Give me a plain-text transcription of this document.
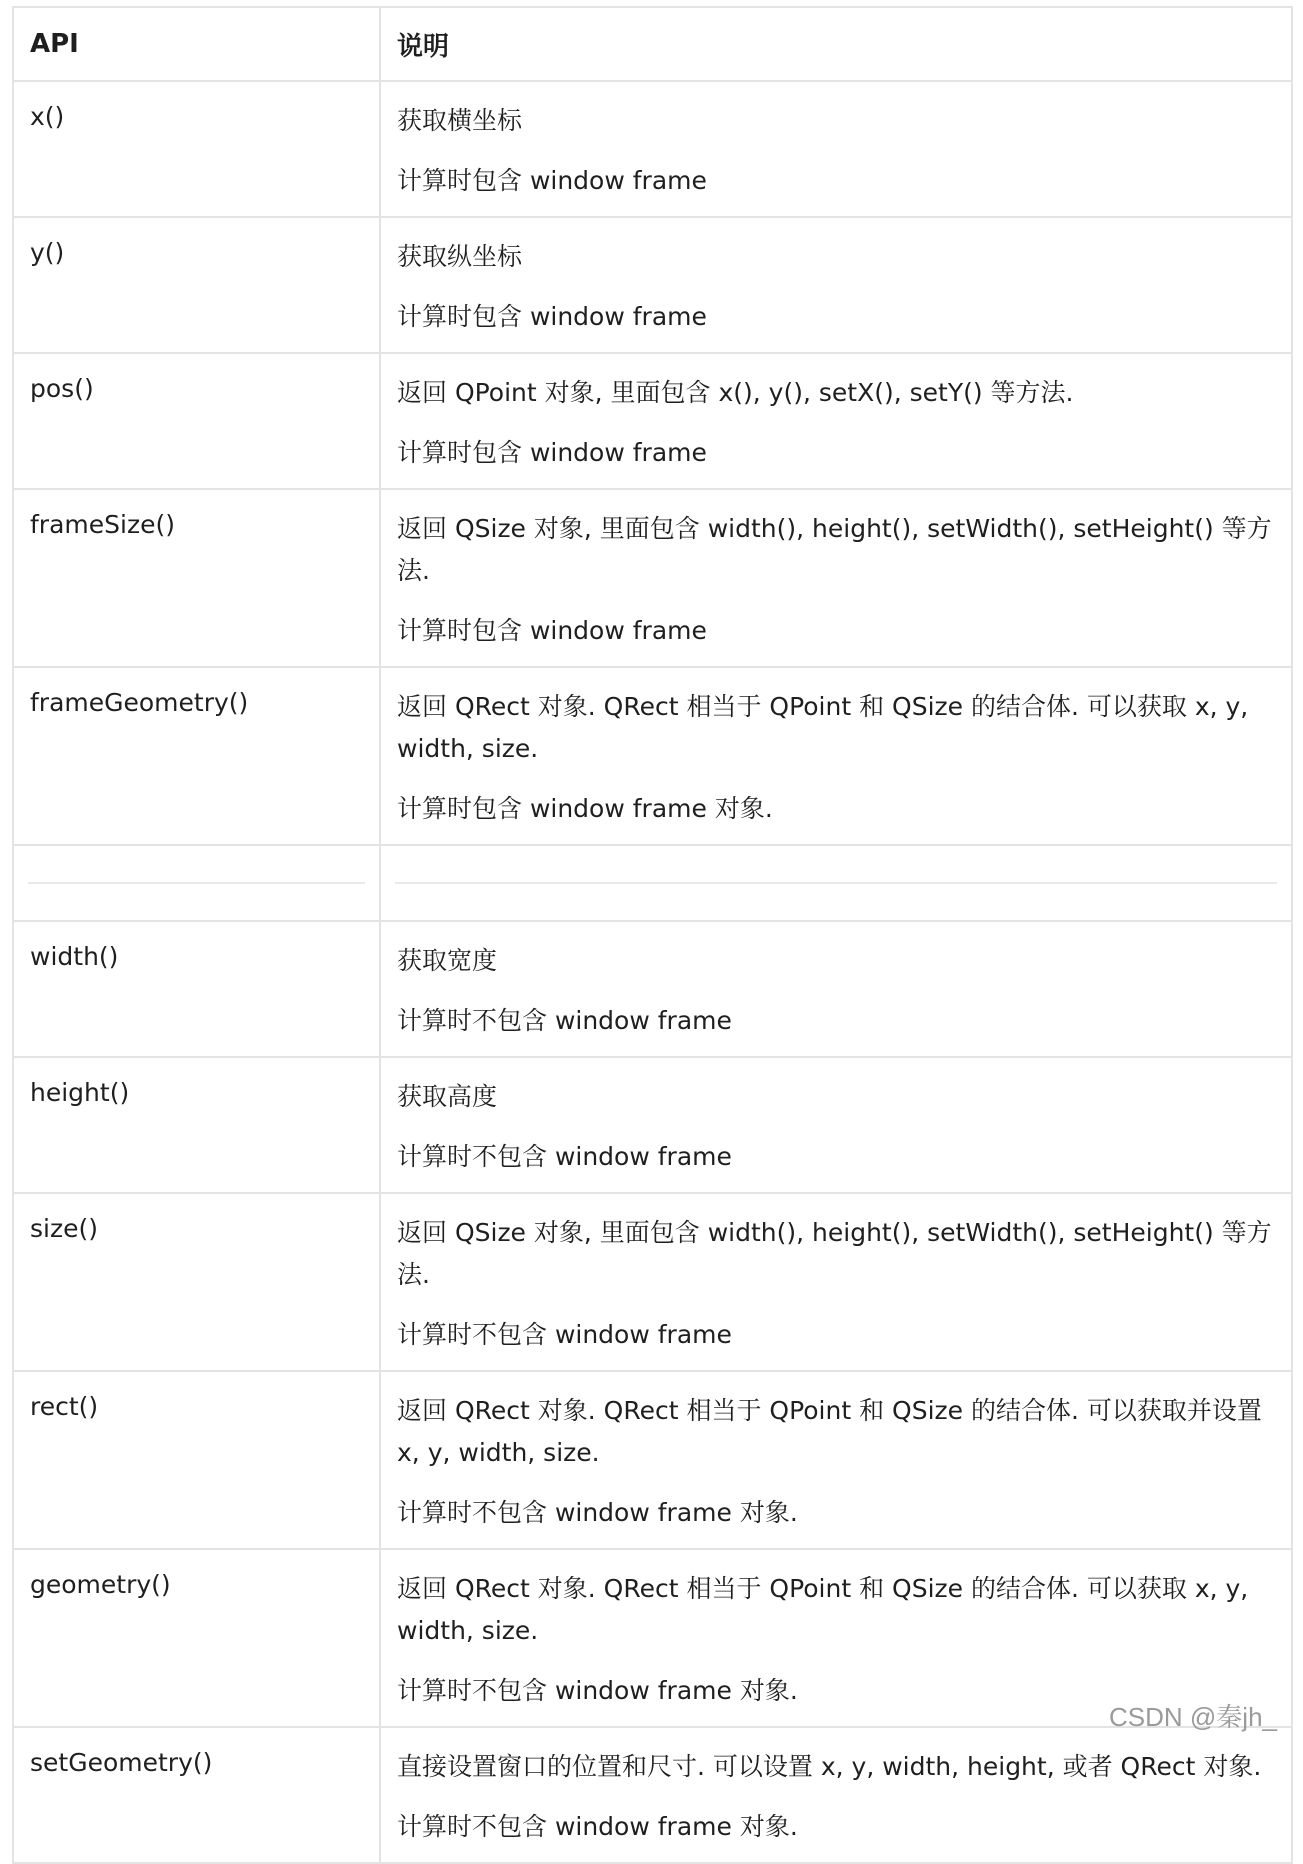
API	说明
x()	获取横坐标
计算时包含 window frame

y()	获取纵坐标
计算时包含 window frame

pos()	返回 QPoint 对象, 里面包含 x(), y(), setX(), setY() 等方法.
计算时包含 window frame

frameSize()	返回 QSize 对象, 里面包含 width(), height(), setWidth(), setHeight() 等方法.
计算时包含 window frame

frameGeometry()	返回 QRect 对象. QRect 相当于 QPoint 和 QSize 的结合体. 可以获取 x, y, width, size.
计算时包含 window frame 对象.

width()	获取宽度
计算时不包含 window frame

height()	获取高度
计算时不包含 window frame

size()	返回 QSize 对象, 里面包含 width(), height(), setWidth(), setHeight() 等方法.
计算时不包含 window frame

rect()	返回 QRect 对象. QRect 相当于 QPoint 和 QSize 的结合体. 可以获取并设置 x, y, width, size.
计算时不包含 window frame 对象.

geometry()	返回 QRect 对象. QRect 相当于 QPoint 和 QSize 的结合体. 可以获取 x, y, width, size.
计算时不包含 window frame 对象.

setGeometry()	直接设置窗口的位置和尺寸. 可以设置 x, y, width, height, 或者 QRect 对象.
计算时不包含 window frame 对象.
CSDN @秦jh_
